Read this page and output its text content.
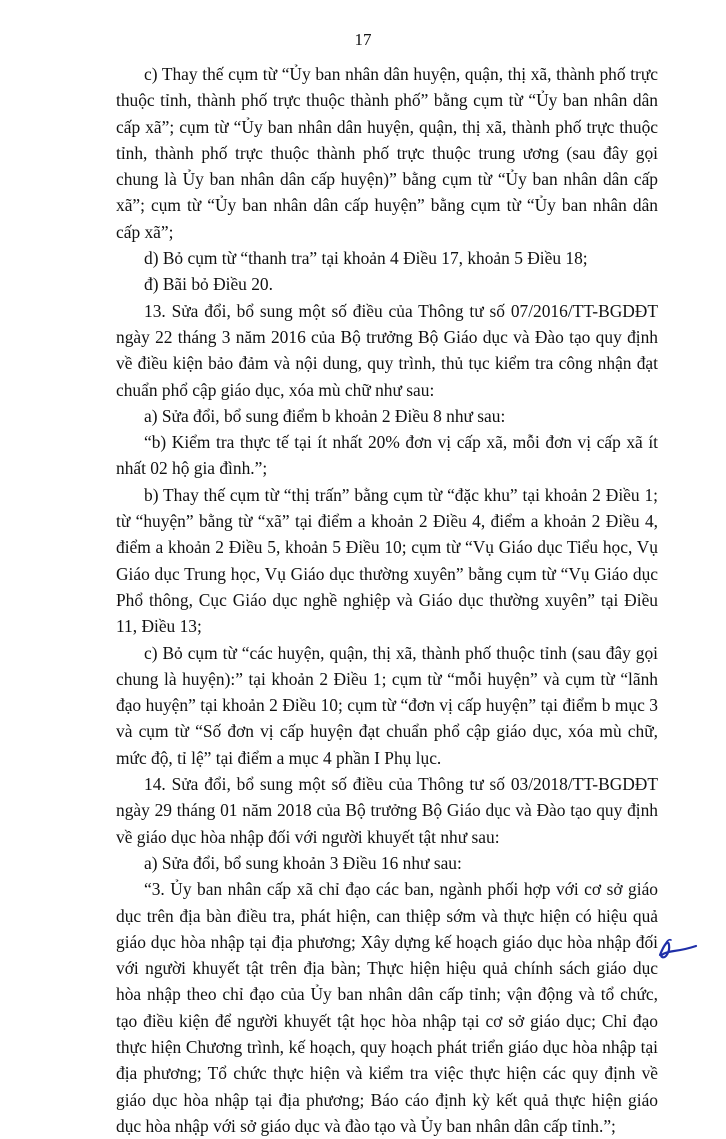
17

c) Thay thế cụm từ “Ủy ban nhân dân huyện, quận, thị xã, thành phố trực thuộc tỉnh, thành phố trực thuộc thành phố” bằng cụm từ “Ủy ban nhân dân cấp xã”; cụm từ “Ủy ban nhân dân huyện, quận, thị xã, thành phố trực thuộc tỉnh, thành phố trực thuộc thành phố trực thuộc trung ương (sau đây gọi chung là Ủy ban nhân dân cấp huyện)” bằng cụm từ “Ủy ban nhân dân cấp xã”; cụm từ “Ủy ban nhân dân cấp huyện” bằng cụm từ “Ủy ban nhân dân cấp xã”;

d) Bỏ cụm từ “thanh tra” tại khoản 4 Điều 17, khoản 5 Điều 18;

đ) Bãi bỏ Điều 20.

13. Sửa đổi, bổ sung một số điều của Thông tư số 07/2016/TT-BGDĐT ngày 22 tháng 3 năm 2016 của Bộ trưởng Bộ Giáo dục và Đào tạo quy định về điều kiện bảo đảm và nội dung, quy trình, thủ tục kiểm tra công nhận đạt chuẩn phổ cập giáo dục, xóa mù chữ như sau:

a) Sửa đổi, bổ sung điểm b khoản 2 Điều 8 như sau:

“b) Kiểm tra thực tế tại ít nhất 20% đơn vị cấp xã, mỗi đơn vị cấp xã ít nhất 02 hộ gia đình.”;

b) Thay thế cụm từ “thị trấn” bằng cụm từ “đặc khu” tại khoản 2 Điều 1; từ “huyện” bằng từ “xã” tại điểm a khoản 2 Điều 4, điểm a khoản 2 Điều 4, điểm a khoản 2 Điều 5, khoản 5 Điều 10; cụm từ “Vụ Giáo dục Tiểu học, Vụ Giáo dục Trung học, Vụ Giáo dục thường xuyên” bằng cụm từ “Vụ Giáo dục Phổ thông, Cục Giáo dục nghề nghiệp và Giáo dục thường xuyên” tại Điều 11, Điều 13;

c) Bỏ cụm từ “các huyện, quận, thị xã, thành phố thuộc tỉnh (sau đây gọi chung là huyện):” tại khoản 2 Điều 1; cụm từ “mỗi huyện” và cụm từ “lãnh đạo huyện” tại khoản 2 Điều 10; cụm từ “đơn vị cấp huyện” tại điểm b mục 3 và cụm từ “Số đơn vị cấp huyện đạt chuẩn phổ cập giáo dục, xóa mù chữ, mức độ, tỉ lệ” tại điểm a mục 4 phần I Phụ lục.

14. Sửa đổi, bổ sung một số điều của Thông tư số 03/2018/TT-BGDĐT ngày 29 tháng 01 năm 2018 của Bộ trưởng Bộ Giáo dục và Đào tạo quy định về giáo dục hòa nhập đối với người khuyết tật như sau:

a) Sửa đổi, bổ sung khoản 3 Điều 16 như sau:

“3. Ủy ban nhân cấp xã chỉ đạo các ban, ngành phối hợp với cơ sở giáo dục trên địa bàn điều tra, phát hiện, can thiệp sớm và thực hiện có hiệu quả giáo dục hòa nhập tại địa phương; Xây dựng kế hoạch giáo dục hòa nhập đối với người khuyết tật trên địa bàn; Thực hiện hiệu quả chính sách giáo dục hòa nhập theo chỉ đạo của Ủy ban nhân dân cấp tỉnh; vận động và tổ chức, tạo điều kiện để người khuyết tật học hòa nhập tại cơ sở giáo dục; Chỉ đạo thực hiện Chương trình, kế hoạch, quy hoạch phát triển giáo dục hòa nhập tại địa phương; Tổ chức thực hiện và kiểm tra việc thực hiện các quy định về giáo dục hòa nhập tại địa phương; Báo cáo định kỳ kết quả thực hiện giáo dục hòa nhập với sở giáo dục và đào tạo và Ủy ban nhân dân cấp tỉnh.”;
